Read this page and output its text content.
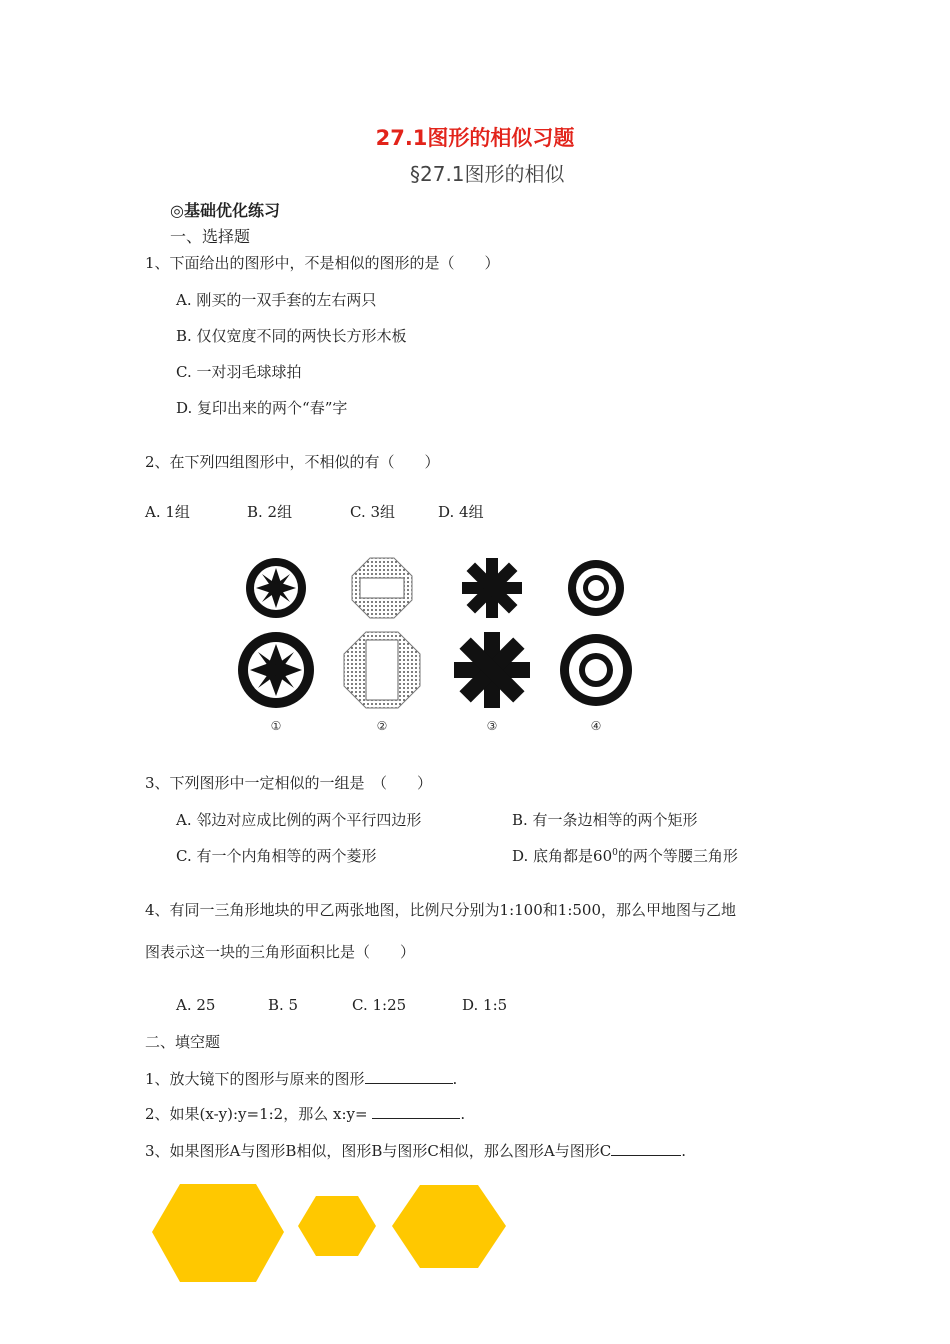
27.1图形的相似习题
§27.1图形的相似
◎基础优化练习
一、选择题
1、下面给出的图形中，不是相似的图形的是（　　）
A. 刚买的一双手套的左右两只
B. 仅仅宽度不同的两快长方形木板
C. 一对羽毛球球拍
D. 复印出来的两个“春”字
2、在下列四组图形中，不相似的有（　　）
A. 1组	B. 2组	C. 3组	D. 4组
①	②	③	④
3、下列图形中一定相似的一组是　（　　）
A. 邻边对应成比例的两个平行四边形	B. 有一条边相等的两个矩形
C. 有一个内角相等的两个菱形	D. 底角都是$60^0$的两个等腰三角形
4、有同一三角形地块的甲乙两张地图，比例尺分别为1:100和1:500，那么甲地图与乙地
图表示这一块的三角形面积比是（　　）
A. 25	B. 5	C. 1:25	D. 1:5
二、填空题
1、放大镜下的图形与原来的图形	.
2、如果(x-y):y=1:2，那么 x:y=	.
3、如果图形A与图形B相似，图形B与图形C相似，那么图形A与图形C	.
